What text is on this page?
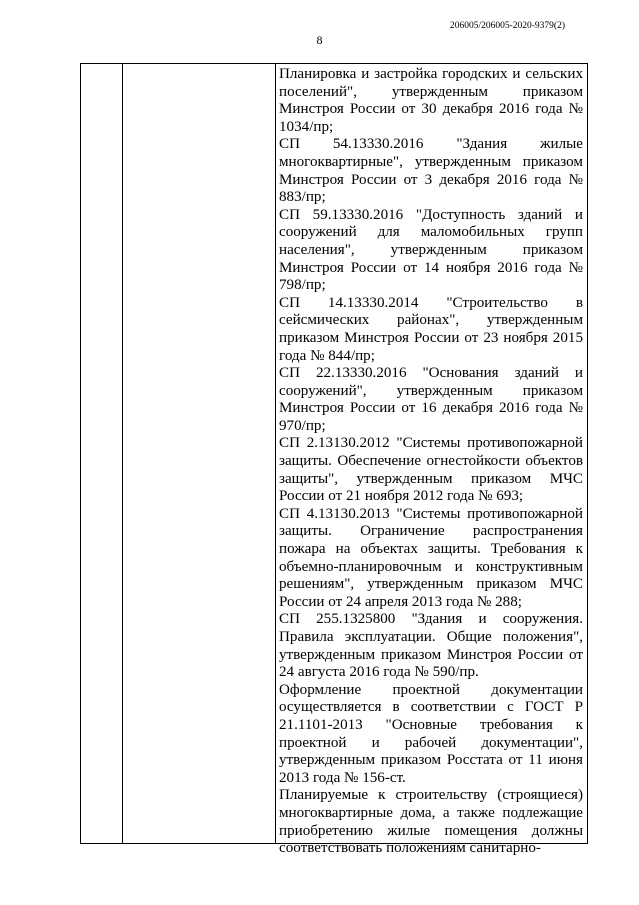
206005/206005-2020-9379(2)
8

Планировка и застройка городских и сельских поселений", утвержденным приказом Минстроя России от 30 декабря 2016 года № 1034/пр;

СП 54.13330.2016 "Здания жилые многоквартирные", утвержденным приказом Минстроя России от 3 декабря 2016 года № 883/пр;

СП 59.13330.2016 "Доступность зданий и сооружений для маломобильных групп населения", утвержденным приказом Минстроя России от 14 ноября 2016 года № 798/пр;

СП 14.13330.2014 "Строительство в сейсмических районах", утвержденным приказом Минстроя России от 23 ноября 2015 года № 844/пр;

СП 22.13330.2016 "Основания зданий и сооружений", утвержденным приказом Минстроя России от 16 декабря 2016 года № 970/пр;

СП 2.13130.2012 "Системы противопожарной защиты. Обеспечение огнестойкости объектов защиты", утвержденным приказом МЧС России от 21 ноября 2012 года № 693;

СП 4.13130.2013 "Системы противопожарной защиты. Ограничение распространения пожара на объектах защиты. Требования к объемно-планировочным и конструктивным решениям", утвержденным приказом МЧС России от 24 апреля 2013 года № 288;

СП 255.1325800 "Здания и сооружения. Правила эксплуатации. Общие положения", утвержденным приказом Минстроя России от 24 августа 2016 года № 590/пр.

Оформление проектной документации осуществляется в соответствии с ГОСТ Р 21.1101-2013 "Основные требования к проектной и рабочей документации", утвержденным приказом Росстата от 11 июня 2013 года № 156-ст.

Планируемые к строительству (строящиеся) многоквартирные дома, а также подлежащие приобретению жилые помещения должны соответствовать положениям санитарно-
